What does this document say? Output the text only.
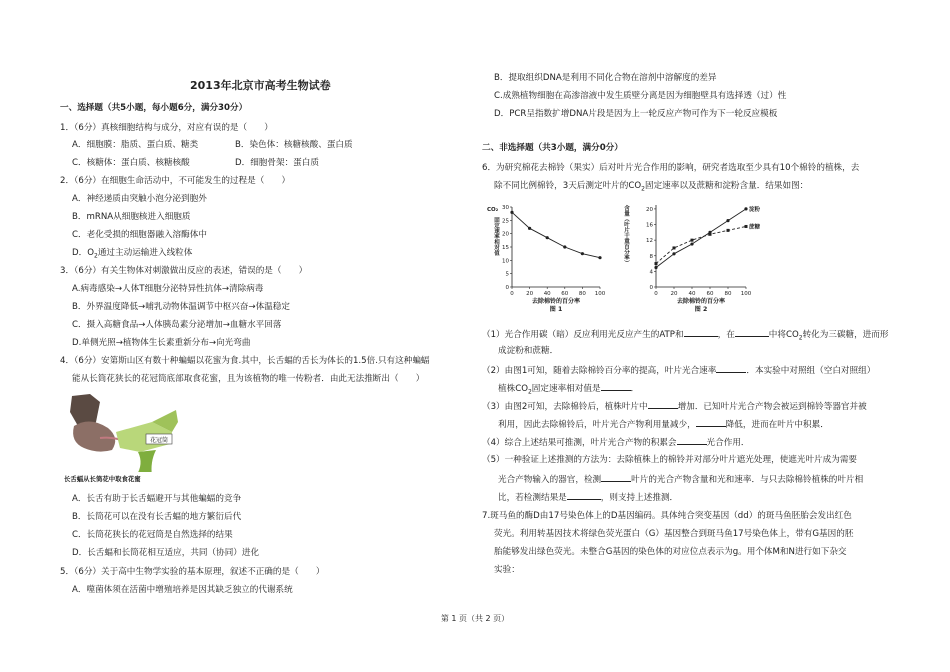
2013年北京市高考生物试卷
一、选择题（共5小题，每小题6分，满分30分）
1．（6分）真核细胞结构与成分，对应有误的是（　　）
A．细胞膜：脂质、蛋白质、糖类	B．染色体：核糖核酸、蛋白质
C．核糖体：蛋白质、核糖核酸	D．细胞骨架：蛋白质
2．（6分）在细胞生命活动中，不可能发生的过程是（　　）
A．神经递质由突触小泡分泌到胞外
B．mRNA从细胞核进入细胞质
C．老化受损的细胞器融入溶酶体中
D．$O_2$通过主动运输进入线粒体
3．（6分）有关生物体对刺激做出反应的表述，错误的是（　　）
A.病毒感染→人体T细胞分泌特异性抗体→清除病毒
B．外界温度降低→哺乳动物体温调节中枢兴奋→体温稳定
C．摄入高糖食品→人体胰岛素分泌增加→血糖水平回落
D.单侧光照→植物体生长素重新分布→向光弯曲
4．（6分）安第斯山区有数十种蝙蝠以花蜜为食.其中，长舌蝠的舌长为体长的1.5倍.只有这种蝙蝠
能从长筒花狭长的花冠筒底部取食花蜜，且为该植物的唯一传粉者．由此无法推断出（　　）
花冠筒
长舌蝠从长筒花中取食花蜜
A．长舌有助于长舌蝠避开与其他蝙蝠的竞争
B．长筒花可以在没有长舌蝠的地方繁衍后代
C．长筒花狭长的花冠筒是自然选择的结果
D．长舌蝠和长筒花相互适应，共同（协同）进化
5．（6分）关于高中生物学实验的基本原理，叙述不正确的是（　　）
A．噬菌体须在活菌中增殖培养是因其缺乏独立的代谢系统
B．提取组织DNA是利用不同化合物在溶剂中溶解度的差异
C.成熟植物细胞在高渗溶液中发生质壁分离是因为细胞壁具有选择透（过）性
D．PCR呈指数扩增DNA片段是因为上一轮反应产物可作为下一轮反应模板
二、非选择题（共3小题，满分0分）
6．为研究棉花去棉铃（果实）后对叶片光合作用的影响，研究者选取至少具有10个棉铃的植株，去
除不同比例棉铃，3天后测定叶片的$CO_2$固定速率以及蔗糖和淀粉含量．结果如图：
0 20 40 60 80 100
0
5
10
15
20
25
30
去除棉铃的百分率
图 1
CO₂
固定速率相对值
0 20 40 60 80 100
0
4
8
12
16
20
去除棉铃的百分率
图 2
含量（叶片干重百分率）	淀粉
蔗糖
（1）光合作用碳（暗）反应利用光反应产生的ATP和	，在	中将$CO_2$转化为三碳糖，进而形
成淀粉和蔗糖．
（2）由图1可知，随着去除棉铃百分率的提高，叶片光合速率	．本实验中对照组（空白对照组）
植株$CO_2$固定速率相对值是	．
（3）由图2可知，去除棉铃后，植株叶片中	增加．已知叶片光合产物会被运到棉铃等器官并被
利用，因此去除棉铃后，叶片光合产物利用量减少，	降低，进而在叶片中积累．
（4）综合上述结果可推测，叶片光合产物的积累会	光合作用．
（5）一种验证上述推测的方法为：去除植株上的棉铃并对部分叶片遮光处理，使遮光叶片成为需要
光合产物输入的器官，检测	叶片的光合产物含量和光和速率．与只去除棉铃植株的叶片相
比，若检测结果是	，则支持上述推测．
7.斑马鱼的酶D由17号染色体上的D基因编码。具体纯合突变基因（dd）的斑马鱼胚胎会发出红色
荧光。利用转基因技术将绿色荧光蛋白（G）基因整合到斑马鱼17号染色体上，带有G基因的胚
胎能够发出绿色荧光。未整合G基因的染色体的对应位点表示为g。用个体M和N进行如下杂交
实验：
第 1 页（共 2 页）
